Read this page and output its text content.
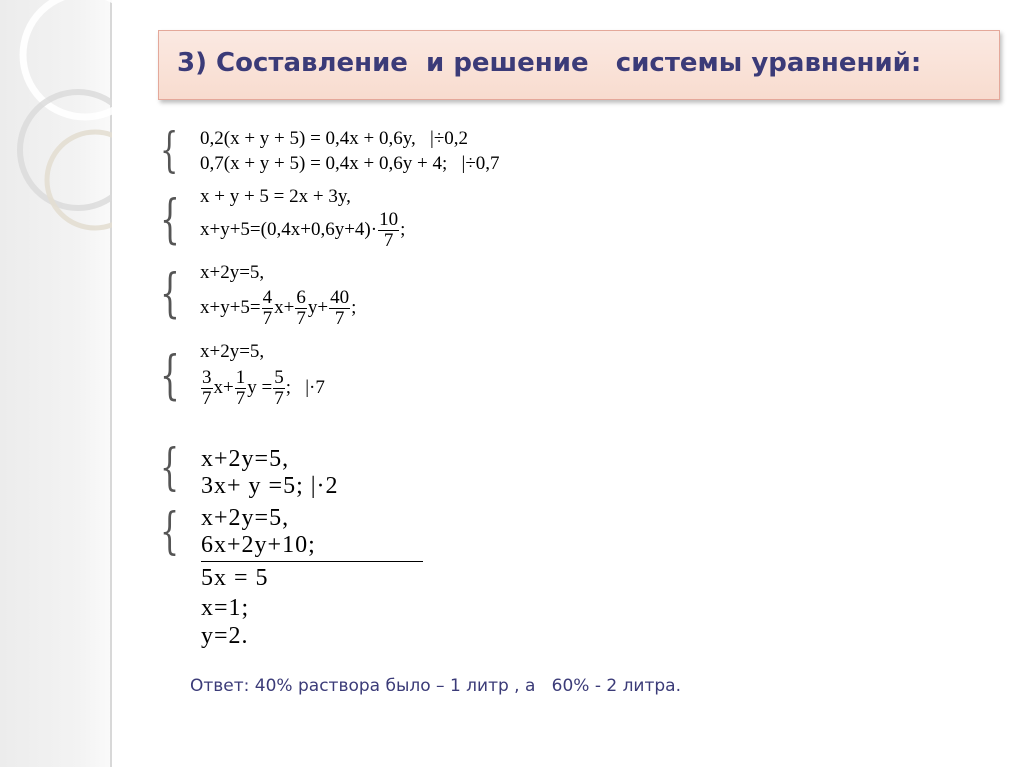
3) Составление  и решение   системы уравнений:
{ 0,2(x + y + 5) = 0,4x + 0,6y,   |÷0,2
0,7(x + y + 5) = 0,4x + 0,6y + 4;   |÷0,7
{ x + y + 5 = 2x + 3y,
$x+y+5=(0,4x+0,6y+4)\cdot \frac{10}{7}$ ;
{ x+2y=5,
$x+y+5= \frac{4}{7} x+ \frac{6}{7} y+ \frac{40}{7}$ ;
{ x+2y=5,
$\frac{3}{7} x+ \frac{1}{7}$ $y = \frac{5}{7}$ ;   |·7
{ x+2y=5,
3x+ y =5; |·2
{ x+2y=5,
6x+2y+10;
5x = 5
x=1;
y=2.
Ответ: 40% раствора было – 1 литр , а   60% - 2 литра.
